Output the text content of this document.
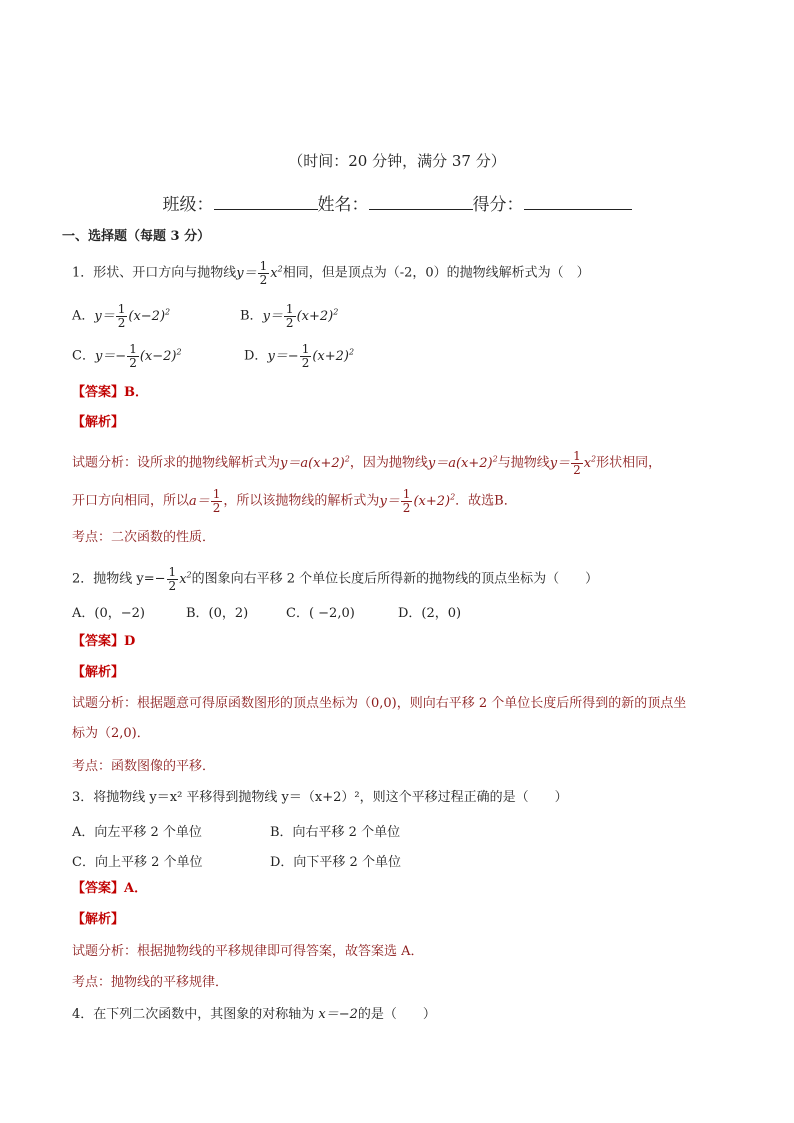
（时间：20 分钟，满分 37 分）
班级：	姓名：	得分：
一、选择题（每题 3 分）
1．形状、开口方向与抛物线$y= \frac{1}{2} x^2$相同，但是顶点为（-2，0）的抛物线解析式为（　）
A．$y= \frac{1}{2} (x-2)^2$	B．$y= \frac{1}{2} (x+2)^2$
C．$y=- \frac{1}{2} (x-2)^2$	D．$y=- \frac{1}{2} (x+2)^2$
【答案】B．
【解析】
试题分析：设所求的抛物线解析式为$y=a(x+2)^2$，因为抛物线$y=a(x+2)^2$与抛物线$y= \frac{1}{2} x^2$形状相同，
开口方向相同，所以$a= \frac{1}{2}$ ，所以该抛物线的解析式为$y= \frac{1}{2} (x+2)^2$．故选B．
考点：二次函数的性质．
2．抛物线 $y=- \frac{1}{2} x^2$的图象向右平移 2 个单位长度后所得新的抛物线的顶点坐标为（　　）
A．(0，−2)	B．(0，2)	C．( −2,0)	D．(2，0)
【答案】D
【解析】
试题分析：根据题意可得原函数图形的顶点坐标为（0,0)，则向右平移 2 个单位长度后所得到的新的顶点坐
标为（2,0)．
考点：函数图像的平移．
3．将抛物线 y＝x² 平移得到抛物线 y＝（x+2）²，则这个平移过程正确的是（　　）
A．向左平移 2 个单位	B．向右平移 2 个单位
C．向上平移 2 个单位	D．向下平移 2 个单位
【答案】A．
【解析】
试题分析：根据抛物线的平移规律即可得答案，故答案选 A．
考点：抛物线的平移规律．
4．在下列二次函数中，其图象的对称轴为 x＝−2的是（　　）
